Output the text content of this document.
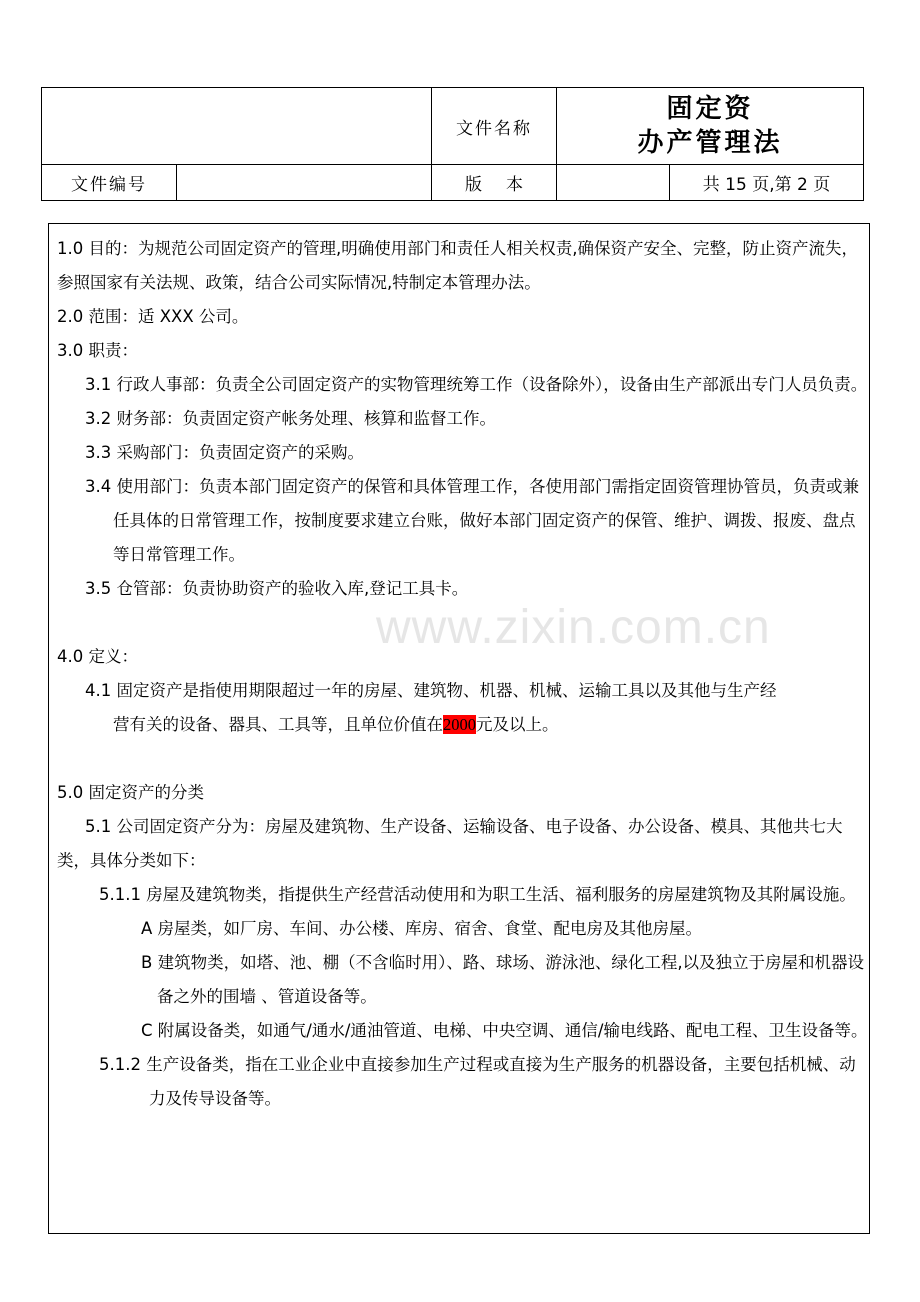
		文件名称	固定资
办产管理法	

文件编号		版本		共 15 页,第 2 页
www.zixin.com.cn

1.0 目的：为规范公司固定资产的管理,明确使用部门和责任人相关权责,确保资产安全、完整，防止资产流失，参照国家有关法规、政策，结合公司实际情况,特制定本管理办法。

2.0 范围：适 XXX 公司。

3.0 职责：

3.1 行政人事部：负责全公司固定资产的实物管理统筹工作（设备除外），设备由生产部派出专门人员负责。

3.2 财务部：负责固定资产帐务处理、核算和监督工作。

3.3 采购部门：负责固定资产的采购。

3.4 使用部门：负责本部门固定资产的保管和具体管理工作，各使用部门需指定固资管理协管员，负责或兼任具体的日常管理工作，按制度要求建立台账，做好本部门固定资产的保管、维护、调拨、报废、盘点等日常管理工作。

3.5 仓管部：负责协助资产的验收入库,登记工具卡。

4.0 定义：

4.1 固定资产是指使用期限超过一年的房屋、建筑物、机器、机械、运输工具以及其他与生产经

营有关的设备、器具、工具等，且单位价值在2000元及以上。

5.0 固定资产的分类

5.1 公司固定资产分为：房屋及建筑物、生产设备、运输设备、电子设备、办公设备、模具、其他共七大类，具体分类如下：

5.1.1 房屋及建筑物类，指提供生产经营活动使用和为职工生活、福利服务的房屋建筑物及其附属设施。

A 房屋类，如厂房、车间、办公楼、库房、宿舍、食堂、配电房及其他房屋。

B 建筑物类，如塔、池、棚（不含临时用）、路、球场、游泳池、绿化工程,以及独立于房屋和机器设备之外的围墙 、管道设备等。

C 附属设备类，如通气/通水/通油管道、电梯、中央空调、通信/输电线路、配电工程、卫生设备等。

5.1.2 生产设备类，指在工业企业中直接参加生产过程或直接为生产服务的机器设备，主要包括机械、动力及传导设备等。
